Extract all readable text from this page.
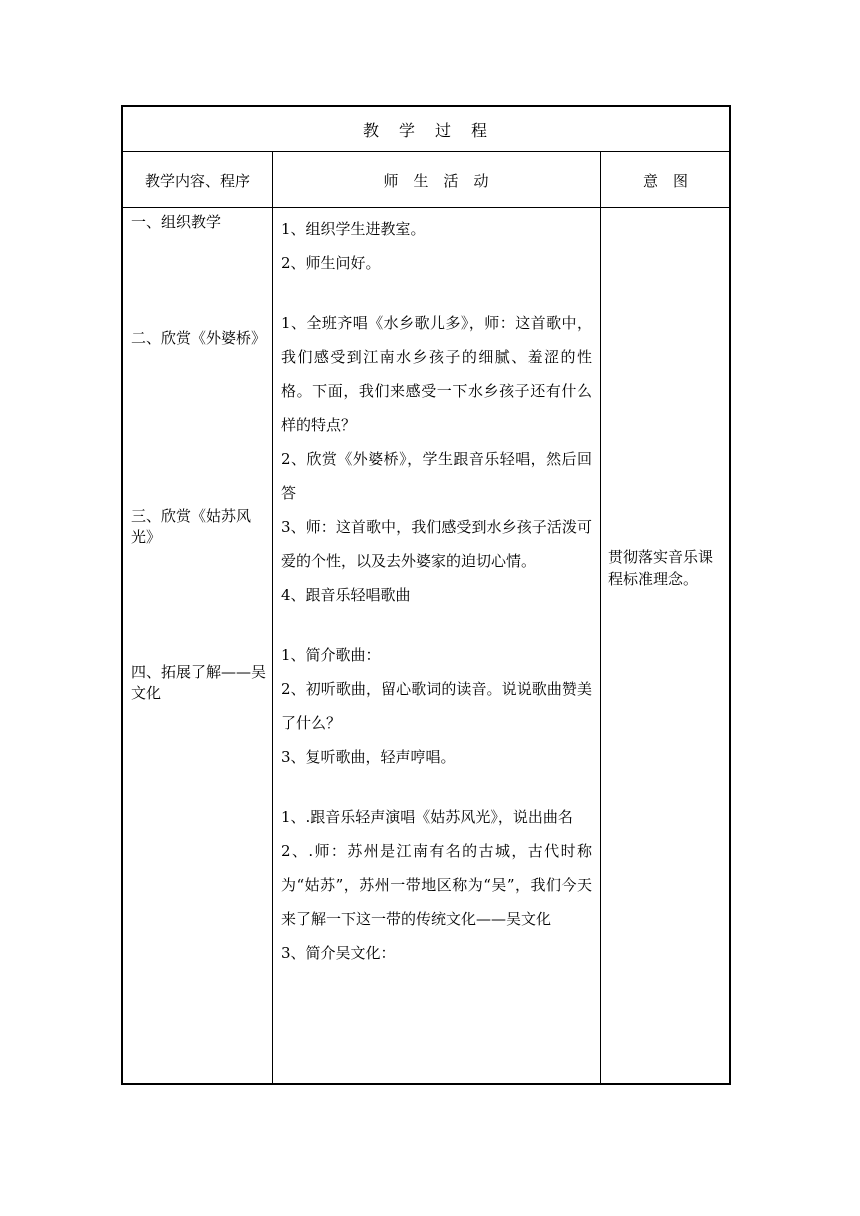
教　学　过　程
教学内容、程序	师　生　活　动	意　图
一、组织教学
二、欣赏《外婆桥》
三、欣赏《姑苏风光》
四、拓展了解——吴文化

1、组织学生进教室。

2、师生问好。

1、全班齐唱《水乡歌儿多》，师：这首歌中，我们感受到江南水乡孩子的细腻、羞涩的性格。下面，我们来感受一下水乡孩子还有什么样的特点？

2、欣赏《外婆桥》，学生跟音乐轻唱，然后回答

3、师：这首歌中，我们感受到水乡孩子活泼可爱的个性，以及去外婆家的迫切心情。

4、跟音乐轻唱歌曲

1、简介歌曲：

2、初听歌曲，留心歌词的读音。说说歌曲赞美了什么？

3、复听歌曲，轻声哼唱。

1、.跟音乐轻声演唱《姑苏风光》，说出曲名

2、.师：苏州是江南有名的古城，古代时称为“姑苏”，苏州一带地区称为“吴”，我们今天来了解一下这一带的传统文化——吴文化

3、简介吴文化：

贯彻落实音乐课程标准理念。
